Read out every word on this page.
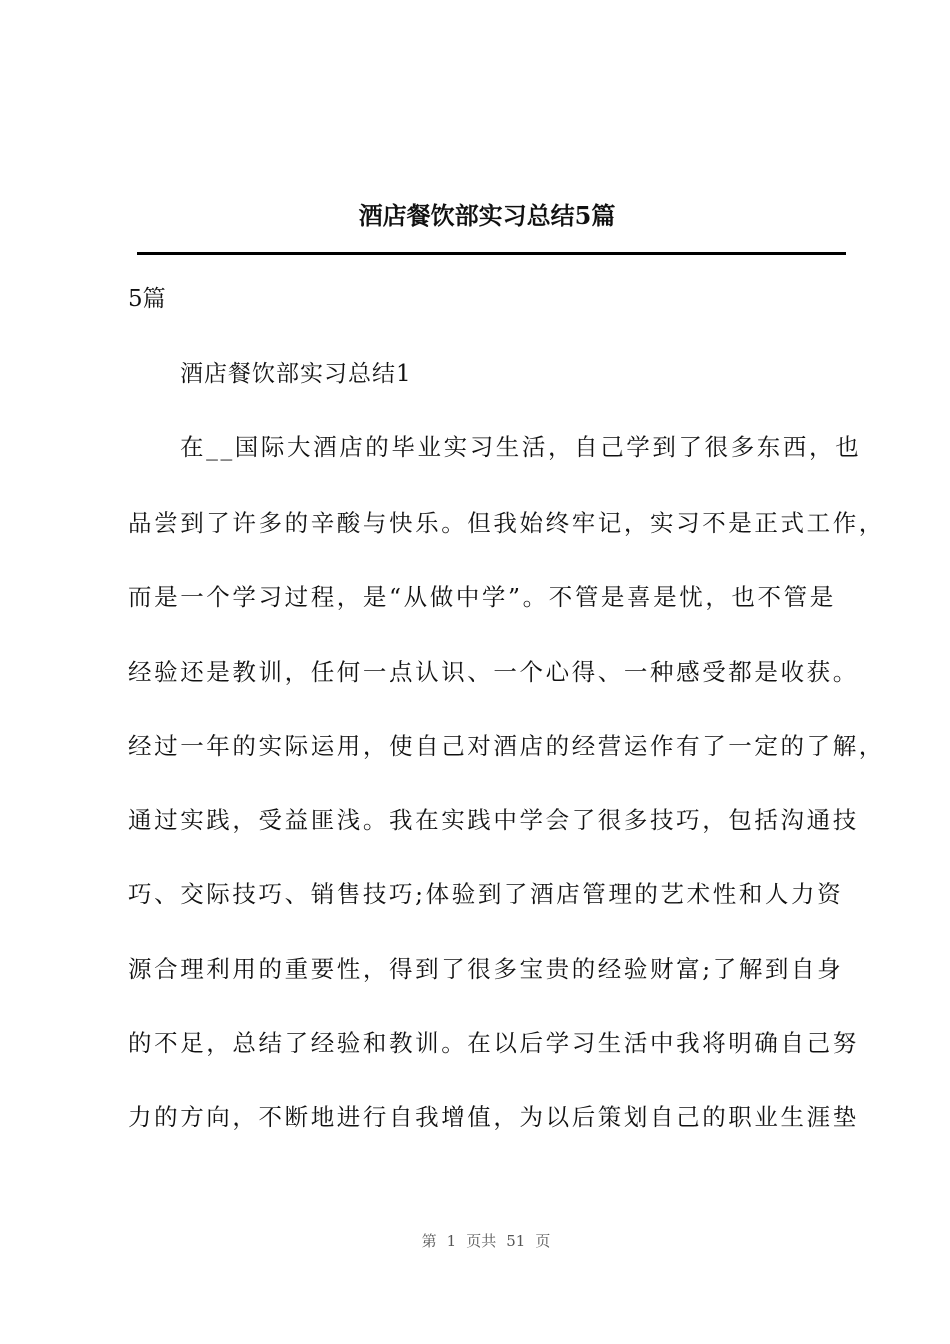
酒店餐饮部实习总结5篇
5篇
酒店餐饮部实习总结1
在__国际大酒店的毕业实习生活，自己学到了很多东西，也
品尝到了许多的辛酸与快乐。但我始终牢记，实习不是正式工作，
而是一个学习过程，是“从做中学”。不管是喜是忧，也不管是
经验还是教训，任何一点认识、一个心得、一种感受都是收获。
经过一年的实际运用，使自己对酒店的经营运作有了一定的了解，
通过实践，受益匪浅。我在实践中学会了很多技巧，包括沟通技
巧、交际技巧、销售技巧;体验到了酒店管理的艺术性和人力资
源合理利用的重要性，得到了很多宝贵的经验财富;了解到自身
的不足，总结了经验和教训。在以后学习生活中我将明确自己努
力的方向，不断地进行自我增值，为以后策划自己的职业生涯垫
第 1 页共 51 页
